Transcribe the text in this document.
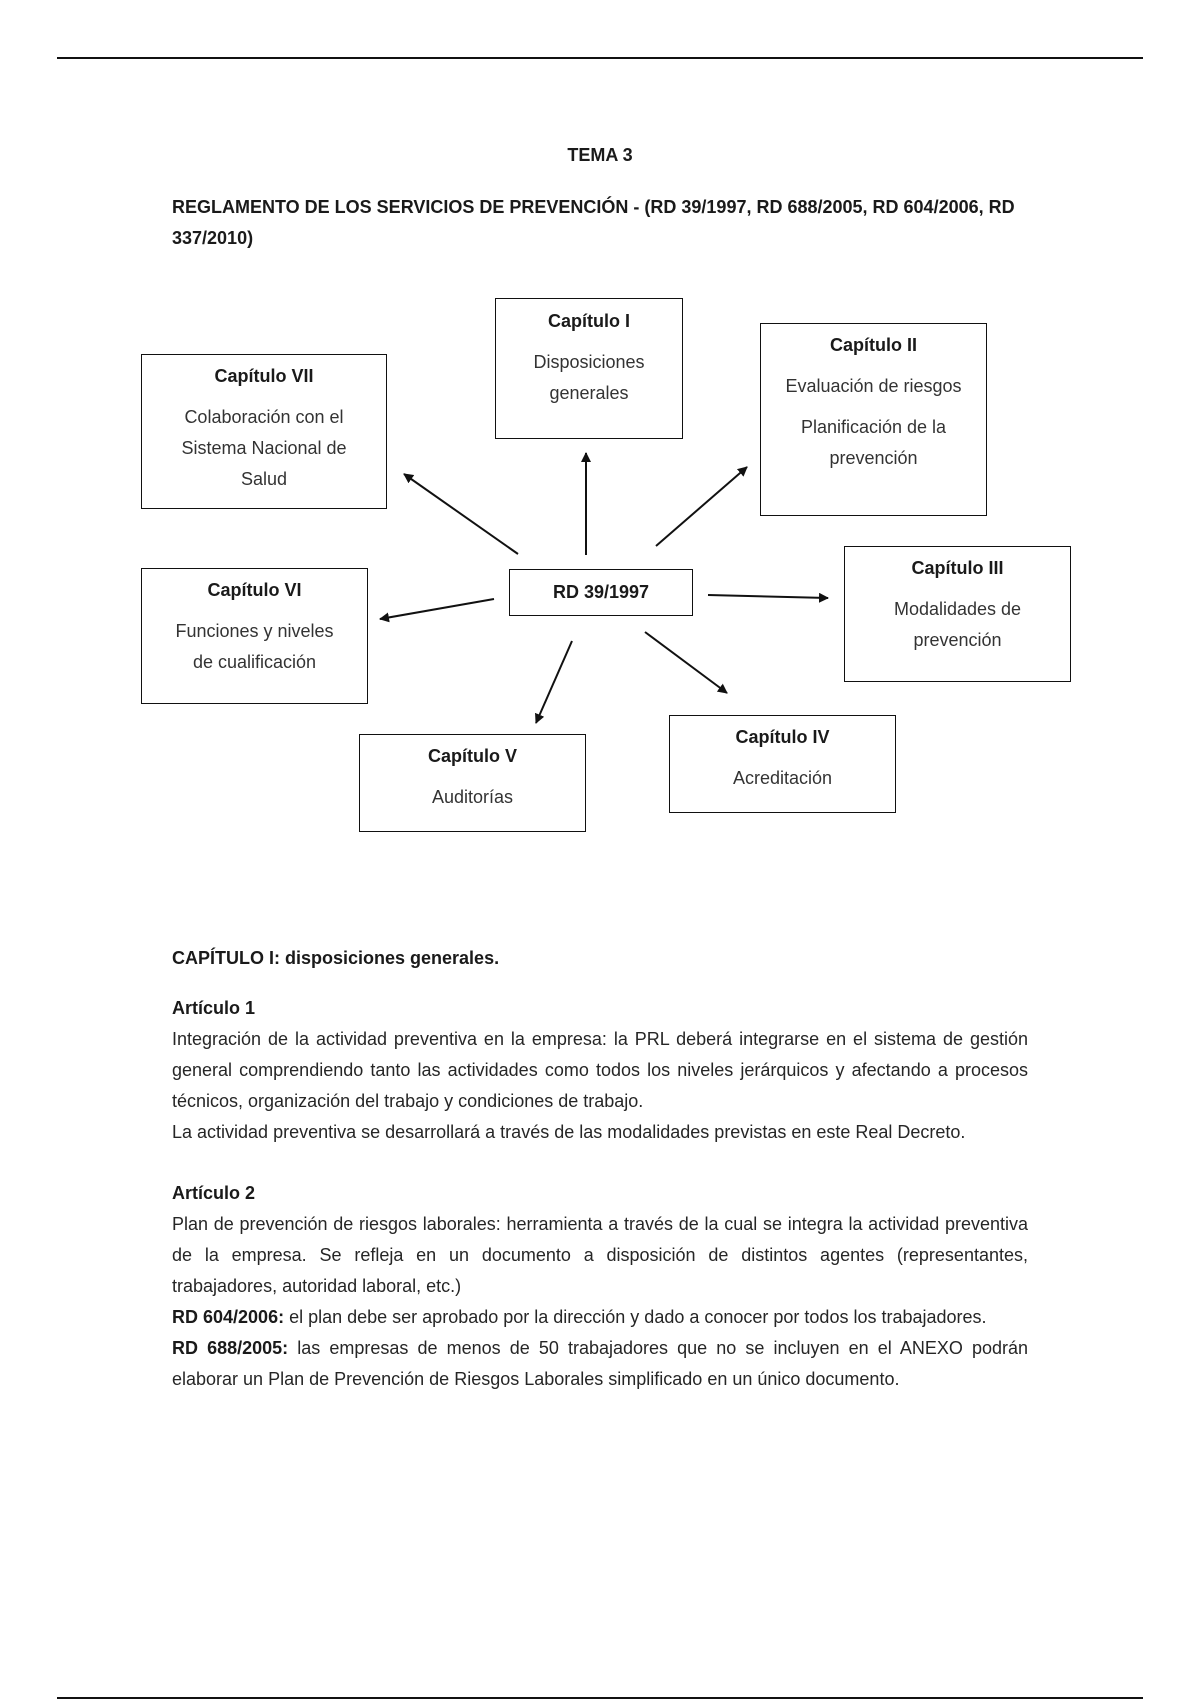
TEMA 3
REGLAMENTO DE LOS SERVICIOS DE PREVENCIÓN - (RD 39/1997, RD 688/2005, RD 604/2006, RD 337/2010)
RD 39/1997
Capítulo I
Disposiciones
generales
Capítulo II
Evaluación de riesgos
Planificación de la
prevención
Capítulo III
Modalidades de
prevención
Capítulo IV
Acreditación
Capítulo V
Auditorías
Capítulo VI
Funciones y niveles
de cualificación
Capítulo VII
Colaboración con el
Sistema Nacional de
Salud
CAPÍTULO I: disposiciones generales.
Artículo 1

Integración de la actividad preventiva en la empresa: la PRL deberá integrarse en el sistema de gestión general comprendiendo tanto las actividades como todos los niveles jerárquicos y afectando a procesos técnicos, organización del trabajo y condiciones de trabajo.

La actividad preventiva se desarrollará a través de las modalidades previstas en este Real Decreto.

Artículo 2

Plan de prevención de riesgos laborales: herramienta a través de la cual se integra la actividad preventiva de la empresa. Se refleja en un documento a disposición de distintos agentes (representantes, trabajadores, autoridad laboral, etc.)

RD 604/2006: el plan debe ser aprobado por la dirección y dado a conocer por todos los trabajadores.

RD 688/2005: las empresas de menos de 50 trabajadores que no se incluyen en el ANEXO podrán elaborar un Plan de Prevención de Riesgos Laborales simplificado en un único documento.
